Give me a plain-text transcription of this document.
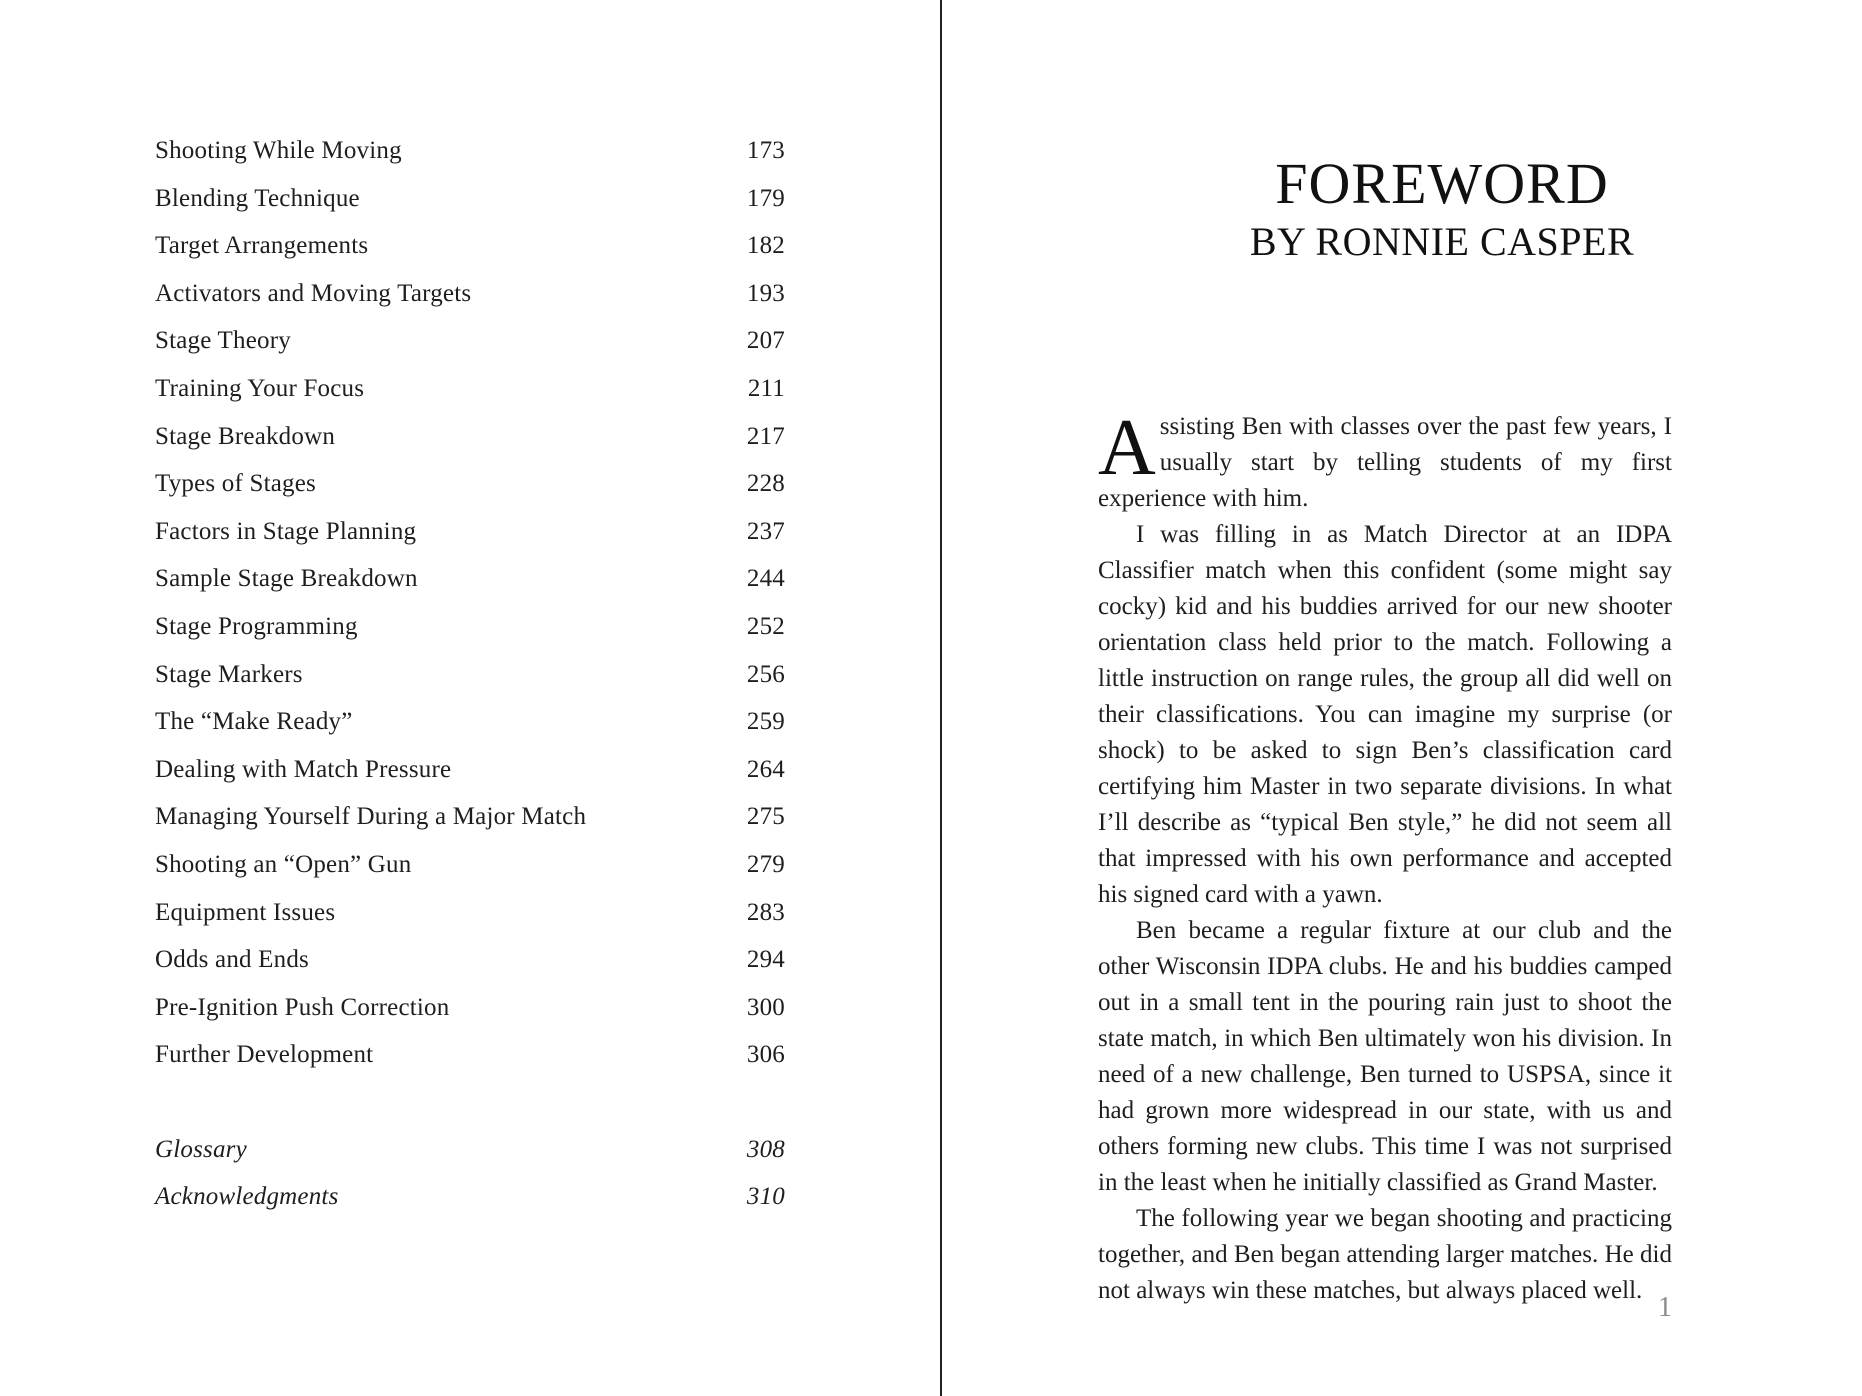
Shooting While Moving	173
Blending Technique	179
Target Arrangements	182
Activators and Moving Targets	193
Stage Theory	207
Training Your Focus	211
Stage Breakdown	217
Types of Stages	228
Factors in Stage Planning	237
Sample Stage Breakdown	244
Stage Programming	252
Stage Markers	256
The “Make Ready”	259
Dealing with Match Pressure	264
Managing Yourself During a Major Match	275
Shooting an “Open” Gun	279
Equipment Issues	283
Odds and Ends	294
Pre-Ignition Push Correction	300
Further Development	306
Glossary	308
Acknowledgments	310
FOREWORD
BY RONNIE CASPER

Assisting Ben with classes over the past few years, I usually start by telling students of my first experience with him.

I was filling in as Match Director at an IDPA Classifier match when this confident (some might say cocky) kid and his buddies arrived for our new shooter orientation class held prior to the match. Following a little instruction on range rules, the group all did well on their classifications. You can imagine my surprise (or shock) to be asked to sign Ben’s classification card certifying him Master in two separate divisions. In what I’ll describe as “typical Ben style,” he did not seem all that impressed with his own performance and accepted his signed card with a yawn.

Ben became a regular fixture at our club and the other Wisconsin IDPA clubs. He and his buddies camped out in a small tent in the pouring rain just to shoot the state match, in which Ben ultimately won his division. In need of a new challenge, Ben turned to USPSA, since it had grown more widespread in our state, with us and others forming new clubs. This time I was not surprised in the least when he initially classified as Grand Master.

The following year we began shooting and practicing together, and Ben began attending larger matches. He did not always win these matches, but always placed well.

1
